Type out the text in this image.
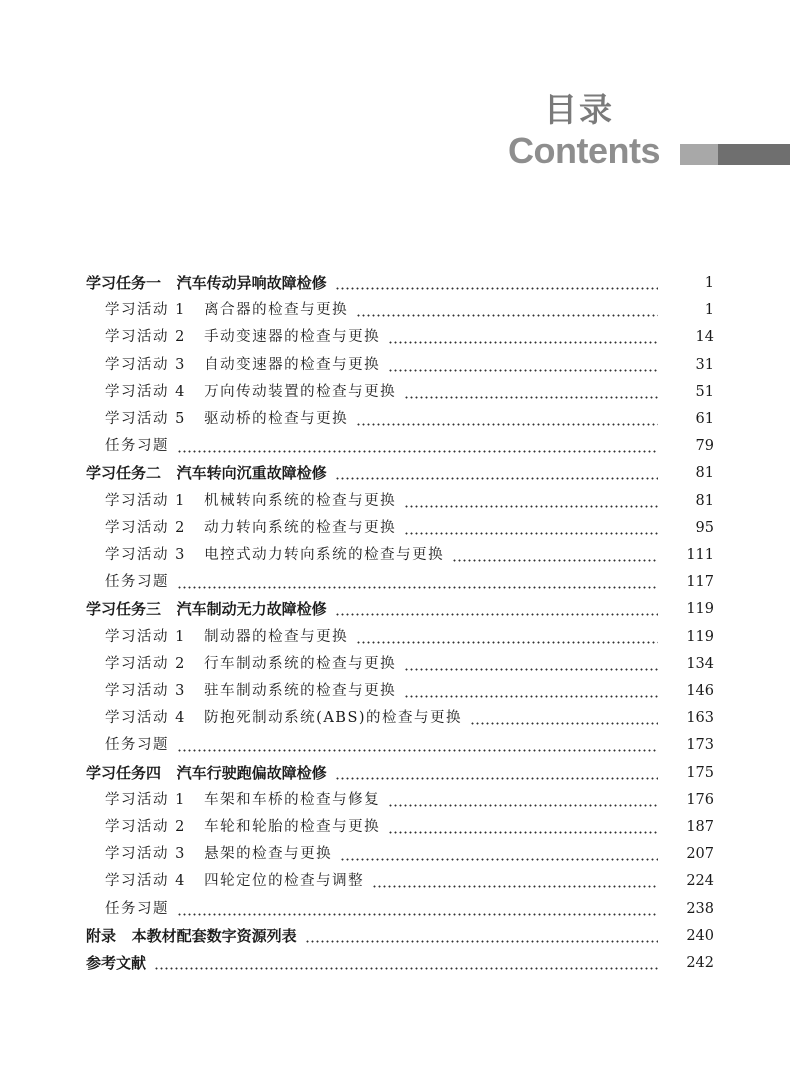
目录
Contents
学习任务一   汽车传动异响故障检修	1
学习活动 1   离合器的检查与更换	1
学习活动 2   手动变速器的检查与更换	14
学习活动 3   自动变速器的检查与更换	31
学习活动 4   万向传动装置的检查与更换	51
学习活动 5   驱动桥的检查与更换	61
任务习题	79
学习任务二   汽车转向沉重故障检修	81
学习活动 1   机械转向系统的检查与更换	81
学习活动 2   动力转向系统的检查与更换	95
学习活动 3   电控式动力转向系统的检查与更换	111
任务习题	117
学习任务三   汽车制动无力故障检修	119
学习活动 1   制动器的检查与更换	119
学习活动 2   行车制动系统的检查与更换	134
学习活动 3   驻车制动系统的检查与更换	146
学习活动 4   防抱死制动系统(ABS)的检查与更换	163
任务习题	173
学习任务四   汽车行驶跑偏故障检修	175
学习活动 1   车架和车桥的检查与修复	176
学习活动 2   车轮和轮胎的检查与更换	187
学习活动 3   悬架的检查与更换	207
学习活动 4   四轮定位的检查与调整	224
任务习题	238
附录   本教材配套数字资源列表	240
参考文献	242
